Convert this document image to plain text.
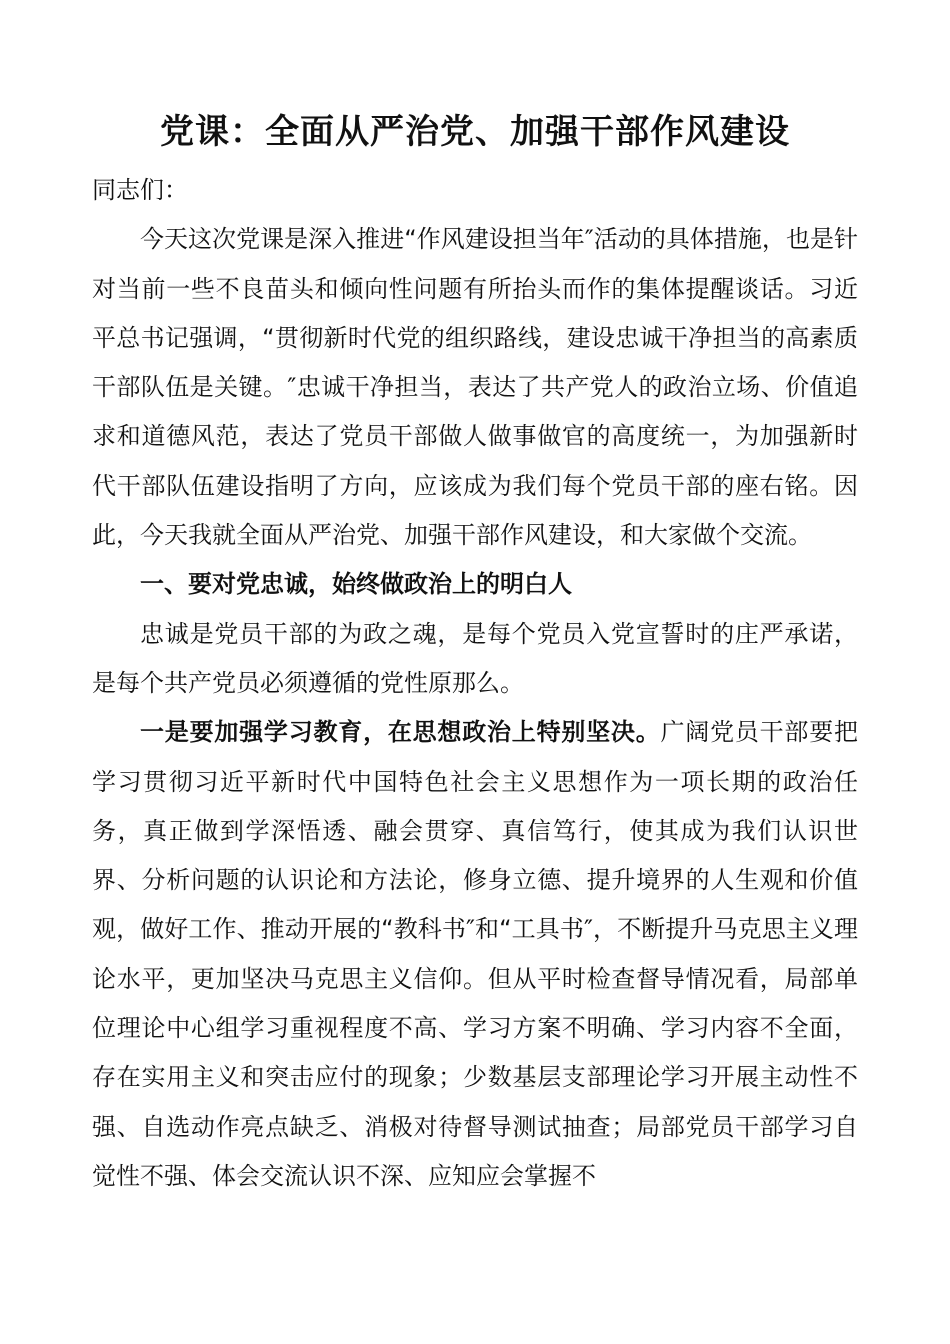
党课：全面从严治党、加强干部作风建设

同志们：

今天这次党课是深入推进“作风建设担当年″活动的具体措施，也是针对当前一些不良苗头和倾向性问题有所抬头而作的集体提醒谈话。习近平总书记强调，“贯彻新时代党的组织路线，建设忠诚干净担当的高素质干部队伍是关键。″忠诚干净担当，表达了共产党人的政治立场、价值追求和道德风范，表达了党员干部做人做事做官的高度统一，为加强新时代干部队伍建设指明了方向，应该成为我们每个党员干部的座右铭。因此，今天我就全面从严治党、加强干部作风建设，和大家做个交流。

一、要对党忠诚，始终做政治上的明白人

忠诚是党员干部的为政之魂，是每个党员入党宣誓时的庄严承诺，是每个共产党员必须遵循的党性原那么。

一是要加强学习教育，在思想政治上特别坚决。广阔党员干部要把学习贯彻习近平新时代中国特色社会主义思想作为一项长期的政治任务，真正做到学深悟透、融会贯穿、真信笃行，使其成为我们认识世界、分析问题的认识论和方法论，修身立德、提升境界的人生观和价值观，做好工作、推动开展的“教科书″和“工具书″，不断提升马克思主义理论水平，更加坚决马克思主义信仰。但从平时检查督导情况看，局部单位理论中心组学习重视程度不高、学习方案不明确、学习内容不全面，存在实用主义和突击应付的现象；少数基层支部理论学习开展主动性不强、自选动作亮点缺乏、消极对待督导测试抽查；局部党员干部学习自觉性不强、体会交流认识不深、应知应会掌握不
